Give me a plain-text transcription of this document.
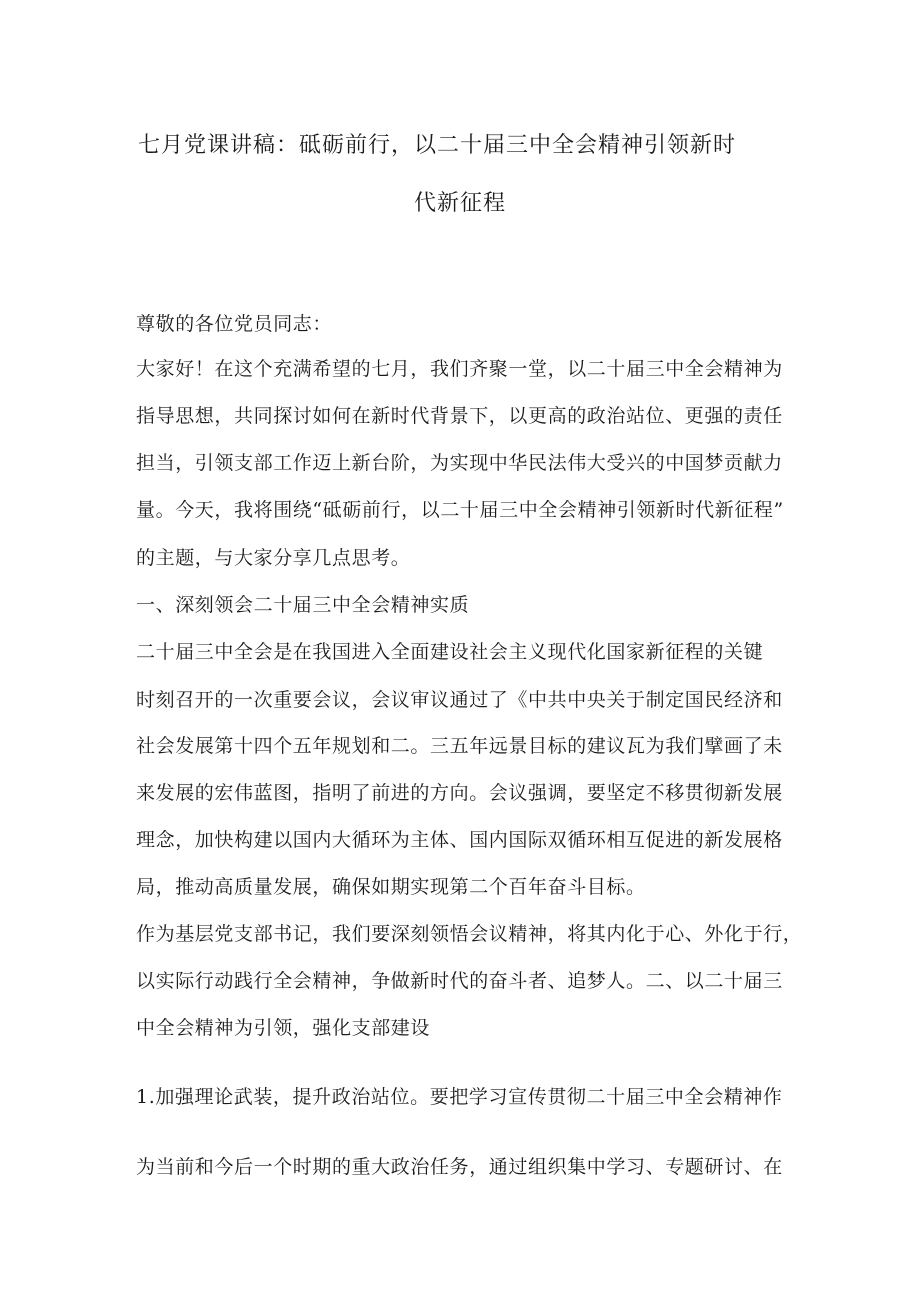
七月党课讲稿：砥砺前行，以二十届三中全会精神引领新时
代新征程
尊敬的各位党员同志：
大家好！在这个充满希望的七月，我们齐聚一堂，以二十届三中全会精神为
指导思想，共同探讨如何在新时代背景下，以更高的政治站位、更强的责任
担当，引领支部工作迈上新台阶，为实现中华民法伟大受兴的中国梦贡献力
量。今天，我将围绕“砥砺前行，以二十届三中全会精神引领新时代新征程”
的主题，与大家分享几点思考。
一、深刻领会二十届三中全会精神实质
二十届三中全会是在我国进入全面建设社会主义现代化国家新征程的关键
时刻召开的一次重要会议，会议审议通过了《中共中央关于制定国民经济和
社会发展第十四个五年规划和二。三五年远景目标的建议瓦为我们擘画了未
来发展的宏伟蓝图，指明了前进的方向。会议强调，要坚定不移贯彻新发展
理念，加快构建以国内大循环为主体、国内国际双循环相互促进的新发展格
局，推动高质量发展，确保如期实现第二个百年奋斗目标。
作为基层党支部书记，我们要深刻领悟会议精神，将其内化于心、外化于行，
以实际行动践行全会精神，争做新时代的奋斗者、追梦人。二、以二十届三
中全会精神为引领，强化支部建设
1.加强理论武装，提升政治站位。要把学习宣传贯彻二十届三中全会精神作
为当前和今后一个时期的重大政治任务，通过组织集中学习、专题研讨、在
